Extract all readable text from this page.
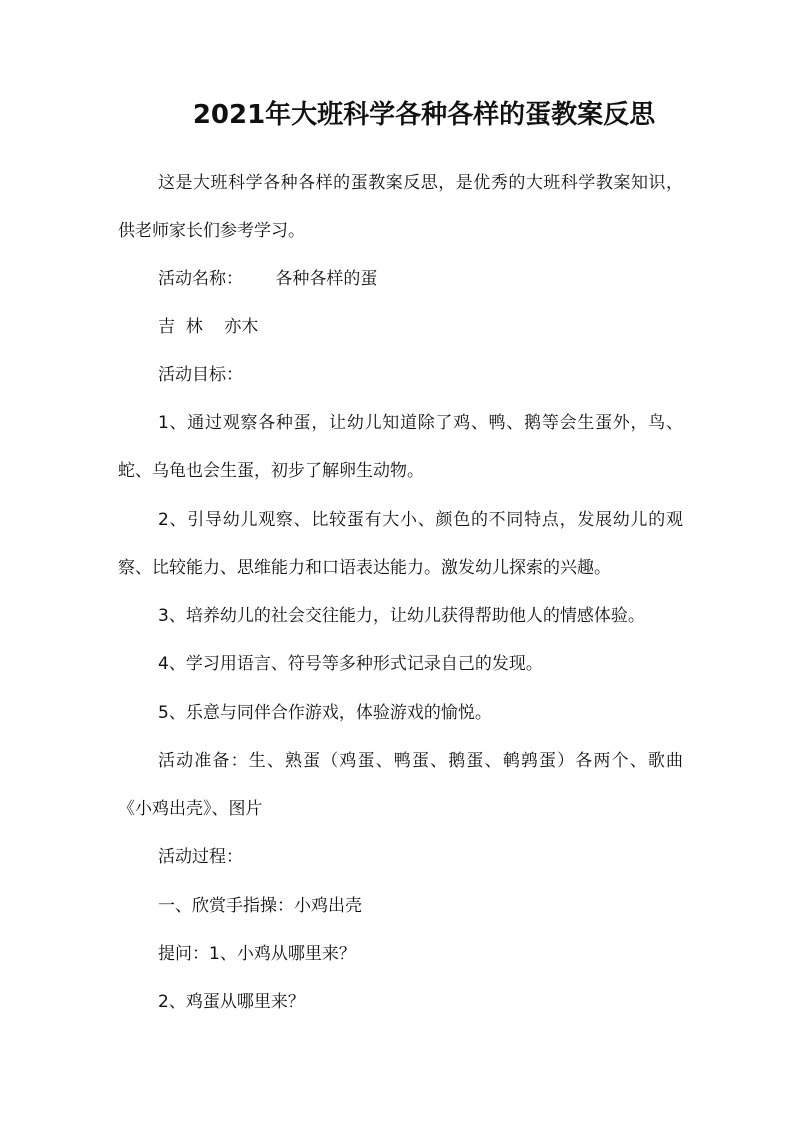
2021年大班科学各种各样的蛋教案反思
这是大班科学各种各样的蛋教案反思，是优秀的大班科学教案知识，供老师家长们参考学习。
活动名称：      各种各样的蛋
吉  林    亦木
活动目标：
1、通过观察各种蛋，让幼儿知道除了鸡、鸭、鹅等会生蛋外，鸟、蛇、乌龟也会生蛋，初步了解卵生动物。
2、引导幼儿观察、比较蛋有大小、颜色的不同特点，发展幼儿的观察、比较能力、思维能力和口语表达能力。激发幼儿探索的兴趣。
3、培养幼儿的社会交往能力，让幼儿获得帮助他人的情感体验。
4、学习用语言、符号等多种形式记录自己的发现。
5、乐意与同伴合作游戏，体验游戏的愉悦。
活动准备：生、熟蛋（鸡蛋、鸭蛋、鹅蛋、鹌鹑蛋）各两个、歌曲《小鸡出壳》、图片
活动过程：
一、欣赏手指操：小鸡出壳
提问：1、小鸡从哪里来？
2、鸡蛋从哪里来？
